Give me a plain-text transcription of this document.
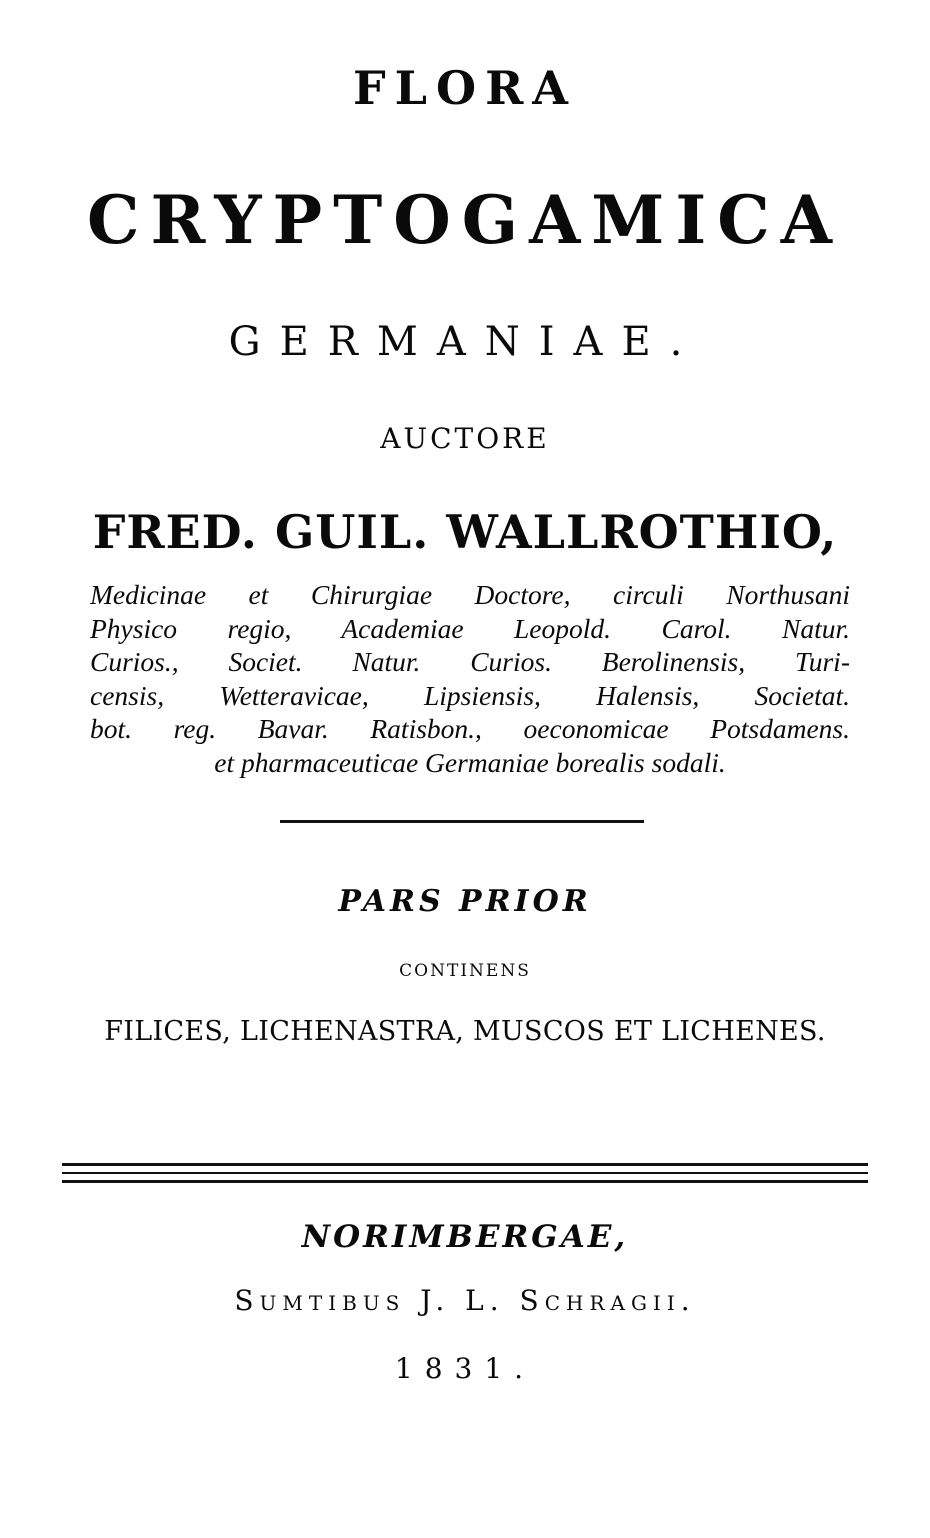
FLORA
CRYPTOGAMICA
GERMANIAE.
AUCTORE
FRED. GUIL. WALLROTHIO,
Medicinae et Chirurgiae Doctore, circuli Northusani
Physico regio, Academiae Leopold. Carol. Natur.
Curios., Societ. Natur. Curios. Berolinensis, Turi-
censis, Wetteravicae, Lipsiensis, Halensis, Societat.
bot. reg. Bavar. Ratisbon., oeconomicae Potsdamens.
et pharmaceuticae Germaniae borealis sodali.
PARS PRIOR
CONTINENS
FILICES, LICHENASTRA, MUSCOS ET LICHENES.
NORIMBERGAE,
Sumtibus J. L. Schragii.
1831.
